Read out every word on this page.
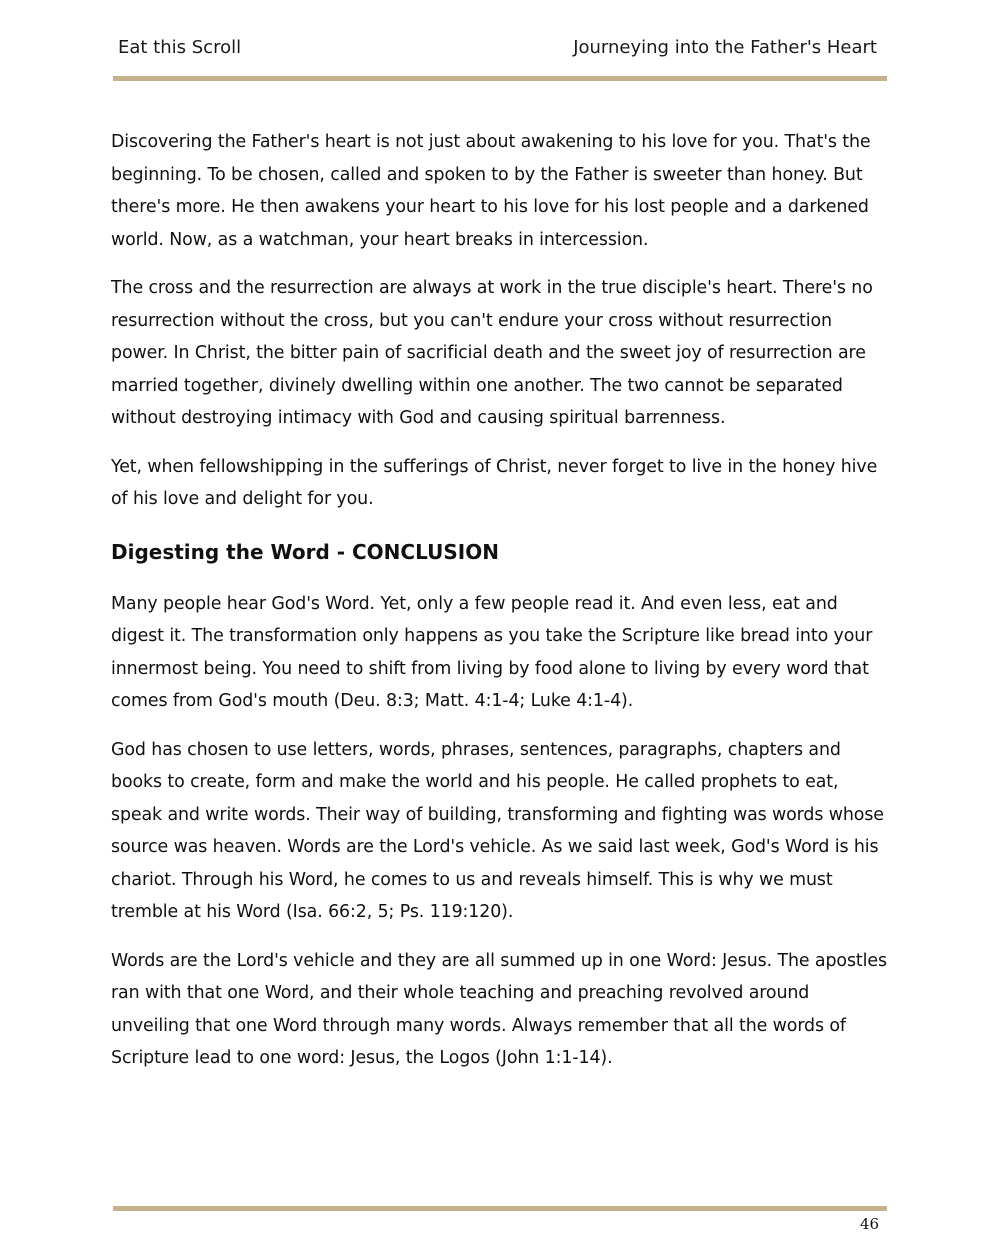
Eat this Scroll	Journeying into the Father's Heart

Discovering the Father's heart is not just about awakening to his love for you. That's the beginning. To be chosen, called and spoken to by the Father is sweeter than honey. But there's more. He then awakens your heart to his love for his lost people and a darkened world. Now, as a watchman, your heart breaks in intercession.

The cross and the resurrection are always at work in the true disciple's heart. There's no resurrection without the cross, but you can't endure your cross without resurrection power. In Christ, the bitter pain of sacrificial death and the sweet joy of resurrection are married together, divinely dwelling within one another. The two cannot be separated without destroying intimacy with God and causing spiritual barrenness.

Yet, when fellowshipping in the sufferings of Christ, never forget to live in the honey hive of his love and delight for you.

Digesting the Word - CONCLUSION

Many people hear God's Word. Yet, only a few people read it. And even less, eat and digest it. The transformation only happens as you take the Scripture like bread into your innermost being. You need to shift from living by food alone to living by every word that comes from God's mouth (Deu. 8:3; Matt. 4:1-4; Luke 4:1-4).

God has chosen to use letters, words, phrases, sentences, paragraphs, chapters and books to create, form and make the world and his people. He called prophets to eat, speak and write words. Their way of building, transforming and fighting was words whose source was heaven. Words are the Lord's vehicle. As we said last week, God's Word is his chariot. Through his Word, he comes to us and reveals himself. This is why we must tremble at his Word (Isa. 66:2, 5; Ps. 119:120).

Words are the Lord's vehicle and they are all summed up in one Word: Jesus. The apostles ran with that one Word, and their whole teaching and preaching revolved around unveiling that one Word through many words. Always remember that all the words of Scripture lead to one word: Jesus, the Logos (John 1:1-14).

46
